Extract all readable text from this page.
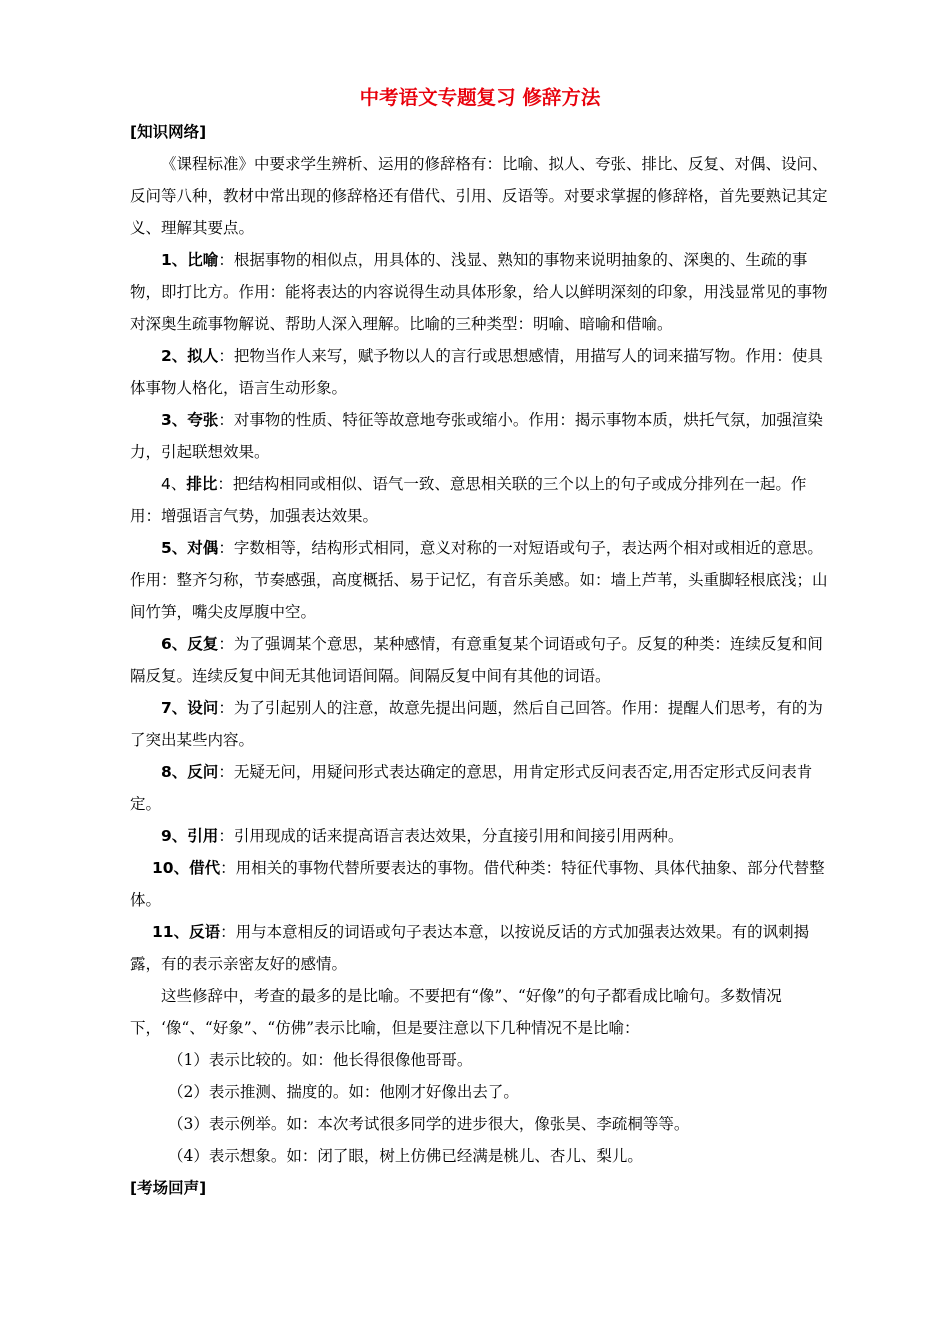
中考语文专题复习 修辞方法
[知识网络]

《课程标准》中要求学生辨析、运用的修辞格有：比喻、拟人、夸张、排比、反复、对偶、设问、反问等八种，教材中常出现的修辞格还有借代、引用、反语等。对要求掌握的修辞格，首先要熟记其定义、理解其要点。

1、比喻：根据事物的相似点，用具体的、浅显、熟知的事物来说明抽象的、深奥的、生疏的事物，即打比方。作用：能将表达的内容说得生动具体形象，给人以鲜明深刻的印象，用浅显常见的事物对深奥生疏事物解说、帮助人深入理解。比喻的三种类型：明喻、暗喻和借喻。

2、拟人：把物当作人来写，赋予物以人的言行或思想感情，用描写人的词来描写物。作用：使具体事物人格化，语言生动形象。

3、夸张：对事物的性质、特征等故意地夸张或缩小。作用：揭示事物本质，烘托气氛，加强渲染力，引起联想效果。

4、排比：把结构相同或相似、语气一致、意思相关联的三个以上的句子或成分排列在一起。作用：增强语言气势，加强表达效果。

5、对偶：字数相等，结构形式相同，意义对称的一对短语或句子，表达两个相对或相近的意思。作用：整齐匀称，节奏感强，高度概括、易于记忆，有音乐美感。如：墙上芦苇，头重脚轻根底浅；山间竹笋，嘴尖皮厚腹中空。

6、反复：为了强调某个意思，某种感情，有意重复某个词语或句子。反复的种类：连续反复和间隔反复。连续反复中间无其他词语间隔。间隔反复中间有其他的词语。

7、设问：为了引起别人的注意，故意先提出问题，然后自己回答。作用：提醒人们思考，有的为了突出某些内容。

8、反问：无疑无问，用疑问形式表达确定的意思，用肯定形式反问表否定,用否定形式反问表肯定。

9、引用：引用现成的话来提高语言表达效果，分直接引用和间接引用两种。

10、借代：用相关的事物代替所要表达的事物。借代种类：特征代事物、具体代抽象、部分代替整体。

11、反语：用与本意相反的词语或句子表达本意，以按说反话的方式加强表达效果。有的讽刺揭露，有的表示亲密友好的感情。

这些修辞中，考查的最多的是比喻。不要把有“像”、“好像”的句子都看成比喻句。多数情况下，‘像“、“好象”、“仿佛”表示比喻，但是要注意以下几种情况不是比喻：

（1）表示比较的。如：他长得很像他哥哥。

（2）表示推测、揣度的。如：他刚才好像出去了。

（3）表示例举。如：本次考试很多同学的进步很大，像张昊、李疏桐等等。

（4）表示想象。如：闭了眼，树上仿佛已经满是桃儿、杏儿、梨儿。

[考场回声]
